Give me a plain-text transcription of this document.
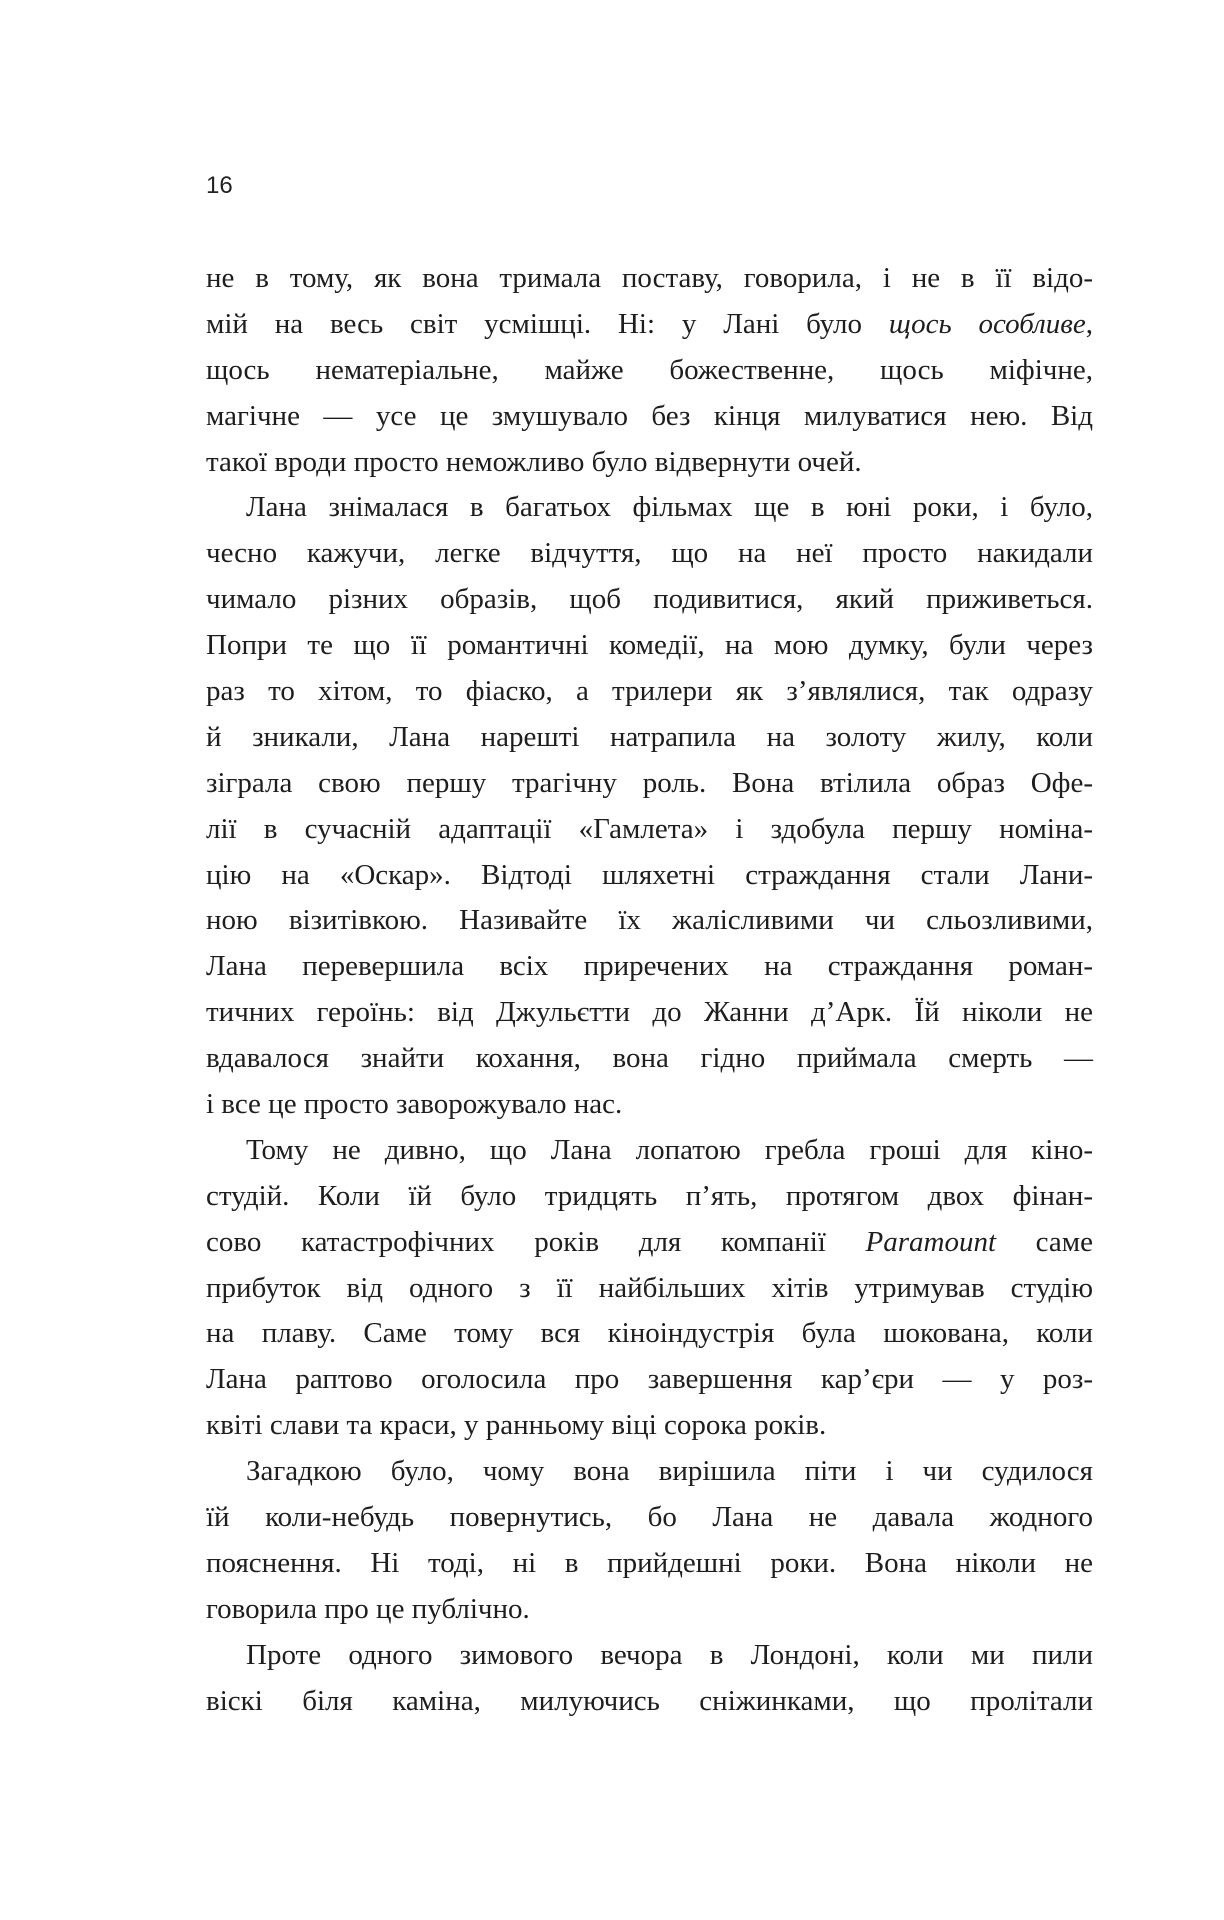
16
не в тому, як вона тримала поставу, говорила, і не в її відо-
мій на весь світ усмішці. Ні: у Лані було щось особливе,
щось нематеріальне, майже божественне, щось міфічне,
магічне — усе це змушувало без кінця милуватися нею. Від
такої вроди просто неможливо було відвернути очей.
Лана знімалася в багатьох фільмах ще в юні роки, і було,
чесно кажучи, легке відчуття, що на неї просто накидали
чимало різних образів, щоб подивитися, який приживеться.
Попри те що її романтичні комедії, на мою думку, були через
раз то хітом, то фіаско, а трилери як з’являлися, так одразу
й зникали, Лана нарешті натрапила на золоту жилу, коли
зіграла свою першу трагічну роль. Вона втілила образ Офе-
лії в сучасній адаптації «Гамлета» і здобула першу номіна-
цію на «Оскар». Відтоді шляхетні страждання стали Лани-
ною візитівкою. Називайте їх жалісливими чи сльозливими,
Лана перевершила всіх приречених на страждання роман-
тичних героїнь: від Джульєтти до Жанни д’Арк. Їй ніколи не
вдавалося знайти кохання, вона гідно приймала смерть —
і все це просто заворожувало нас.
Тому не дивно, що Лана лопатою гребла гроші для кіно-
студій. Коли їй було тридцять п’ять, протягом двох фінан-
сово катастрофічних років для компанії Paramount саме
прибуток від одного з її найбільших хітів утримував студію
на плаву. Саме тому вся кіноіндустрія була шокована, коли
Лана раптово оголосила про завершення кар’єри — у роз-
квіті слави та краси, у ранньому віці сорока років.
Загадкою було, чому вона вирішила піти і чи судилося
їй коли-небудь повернутись, бо Лана не давала жодного
пояснення. Ні тоді, ні в прийдешні роки. Вона ніколи не
говорила про це публічно.
Проте одного зимового вечора в Лондоні, коли ми пили
віскі біля каміна, милуючись сніжинками, що пролітали
